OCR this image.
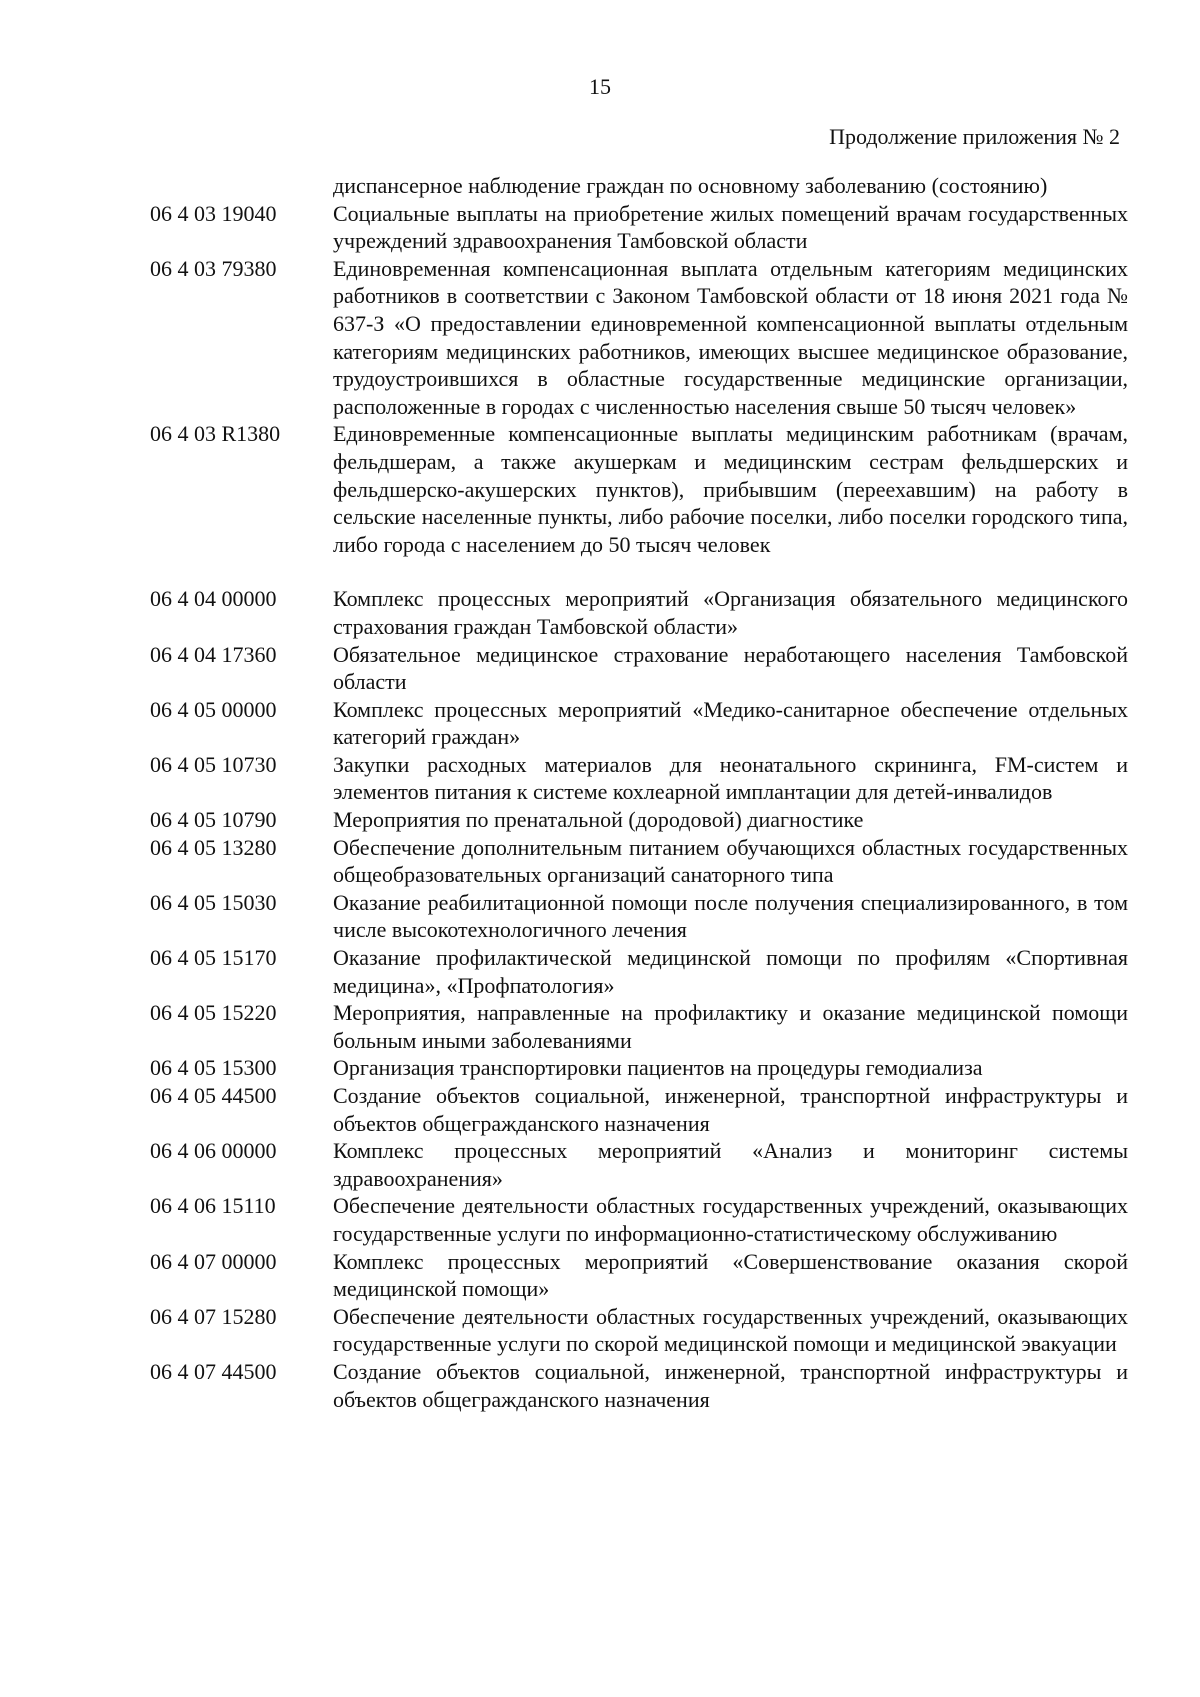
15
Продолжение приложения № 2
диспансерное наблюдение граждан по основному заболеванию (состоянию)
06 4 03 19040	Социальные выплаты на приобретение жилых помещений врачам государственных учреждений здравоохранения Тамбовской области
06 4 03 79380	Единовременная компенсационная выплата отдельным категориям медицинских работников в соответствии с Законом Тамбовской области от 18 июня 2021 года № 637-З «О предоставлении единовременной компенсационной выплаты отдельным категориям медицинских работников, имеющих высшее медицинское образование, трудоустроившихся в областные государственные медицинские организации, расположенные в городах с численностью населения свыше 50 тысяч человек»
06 4 03 R1380	Единовременные компенсационные выплаты медицинским работникам (врачам, фельдшерам, а также акушеркам и медицинским сестрам фельдшерских и фельдшерско-акушерских пунктов), прибывшим (переехавшим) на работу в сельские населенные пункты, либо рабочие поселки, либо поселки городского типа, либо города с населением до 50 тысяч человек
06 4 04 00000	Комплекс процессных мероприятий «Организация обязательного медицинского страхования граждан Тамбовской области»
06 4 04 17360	Обязательное медицинское страхование неработающего населения Тамбовской области
06 4 05 00000	Комплекс процессных мероприятий «Медико-санитарное обеспечение отдельных категорий граждан»
06 4 05 10730	Закупки расходных материалов для неонатального скрининга, FM-систем и элементов питания к системе кохлеарной имплантации для детей-инвалидов
06 4 05 10790	Мероприятия по пренатальной (дородовой) диагностике
06 4 05 13280	Обеспечение дополнительным питанием обучающихся областных государственных общеобразовательных организаций санаторного типа
06 4 05 15030	Оказание реабилитационной помощи после получения специализированного, в том числе высокотехнологичного лечения
06 4 05 15170	Оказание профилактической медицинской помощи по профилям «Спортивная медицина», «Профпатология»
06 4 05 15220	Мероприятия, направленные на профилактику и оказание медицинской помощи больным иными заболеваниями
06 4 05 15300	Организация транспортировки пациентов на процедуры гемодиализа
06 4 05 44500	Создание объектов социальной, инженерной, транспортной инфраструктуры и объектов общегражданского назначения
06 4 06 00000	Комплекс процессных мероприятий «Анализ и мониторинг системы здравоохранения»
06 4 06 15110	Обеспечение деятельности областных государственных учреждений, оказывающих государственные услуги по информационно-статистическому обслуживанию
06 4 07 00000	Комплекс процессных мероприятий «Совершенствование оказания скорой медицинской помощи»
06 4 07 15280	Обеспечение деятельности областных государственных учреждений, оказывающих государственные услуги по скорой медицинской помощи и медицинской эвакуации
06 4 07 44500	Создание объектов социальной, инженерной, транспортной инфраструктуры и объектов общегражданского назначения
